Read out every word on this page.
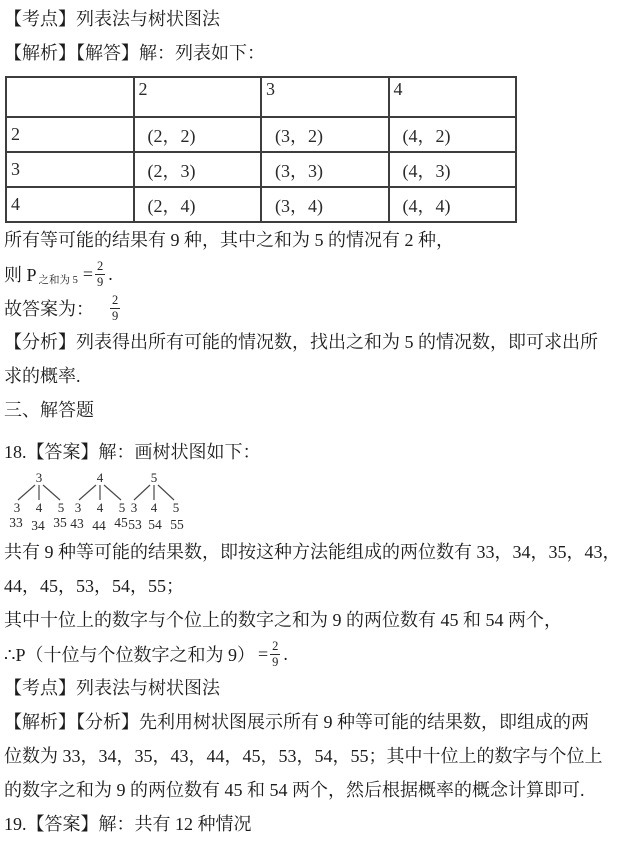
【考点】列表法与树状图法
【解析】【解答】解：列表如下：
	2	3	4
2	(2，2)	(3，2)	(4，2)
3	(2，3)	(3，3)	(4，3)
4	(2，4)	(3，4)	(4，4)
所有等可能的结果有 9 种，其中之和为 5 的情况有 2 种，
则 P 之和为 $5 = \frac{2}{9}$ .
故答案为： $\frac{2}{9}$
【分析】列表得出所有可能的情况数，找出之和为 5 的情况数，即可求出所
求的概率.
三、解答题
18.【答案】解：画树状图如下：
3
3 4 5
33 34 35
4
3 4 5
43 44 45
5
3 4 5
53 54 55
共有 9 种等可能的结果数，即按这种方法能组成的两位数有 33，34，35，43，
44，45，53，54，55；
其中十位上的数字与个位上的数字之和为 9 的两位数有 45 和 54 两个，
∴P（十位与个位数字之和为 $9) = \frac{2}{9}$ .
【考点】列表法与树状图法
【解析】【分析】先利用树状图展示所有 9 种等可能的结果数，即组成的两
位数为 33，34，35，43，44，45，53，54，55；其中十位上的数字与个位上
的数字之和为 9 的两位数有 45 和 54 两个，然后根据概率的概念计算即可.
19.【答案】解：共有 12 种情况
